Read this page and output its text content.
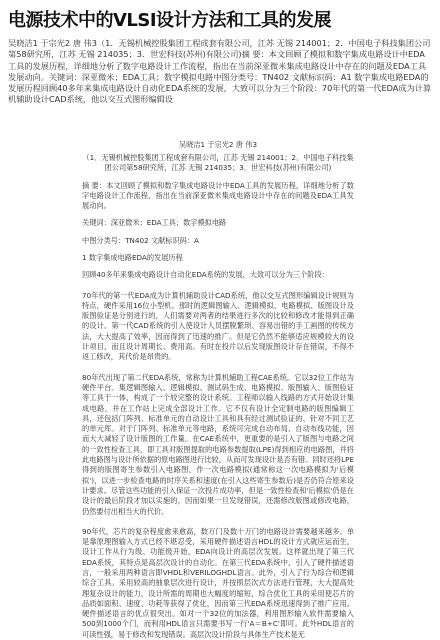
电源技术中的VLSI设计方法和工具的发展
吴晓洁1 于宗光2 唐 伟3（1．无锡机械控股集团工程成套有限公司，江苏 无锡 214001；2．中国电子科技集团公司第58研究所，江苏 无锡 214035；3．世宏科技(苏州)有限公司)摘 要：本文回顾了模拟和数字集成电路设计中EDA工具的发展历程，详细地分析了数字电路设计工作流程，指出在当前深亚微米集成电路设计中存在的问题及EDA工具发展动向。关键词：深亚微米；EDA工具；数字模拟电路中图分类号：TN402 文献标识码：A1 数字集成电路EDA的发展历程回顾40多年来集成电路设计自动化EDA系统的发展，大致可以分为三个阶段：70年代的第一代EDA成为计算机辅助设计CAD系统，他以交互式图形编辑设
吴晓洁1 于宗光2 唐 伟3
（1．无锡机械控股集团工程成套有限公司，江苏 无锡 214001；2．中国电子科技集团公司第58研究所，江苏 无锡 214035；3．世宏科技(苏州)有限公司)

摘 要：本文回顾了模拟和数字集成电路设计中EDA工具的发展历程，详细地分析了数字电路设计工作流程，指出在当前深亚微米集成电路设计中存在的问题及EDA工具发展动向。

关键词：深亚微米；EDA工具；数字模拟电路

中图分类号：TN402 文献标识码：A

1 数字集成电路EDA的发展历程

回顾40多年来集成电路设计自动化EDA系统的发展，大致可以分为三个阶段：

70年代的第一代EDA成为计算机辅助设计CAD系统，他以交互式图形编辑设计规则为特点，硬件采用16位小型机。那时的逻辑图输入、逻辑模拟、电路模拟、版图设计及版图验证是分别进行的，人们需要对两者的结果进行多次的比较和修改才能得到正确的设计。第一代CAD系统的引入使设计人员摆脱繁琐、容易出错的手工画图的传统方法，大大提高了效率，因而得到了迅速的推广。但是它仍然不能够适应规模较大的设计项目，而且设计周期长、费用高。有时在投片以后发现版图设计存在错误，不得不返工修改，其代价是昂贵的。

80年代出现了第二代EDA系统，常称为计算机辅助工程CAE系统。它以32位工作站为硬件平台。集逻辑图输入、逻辑模拟、测试码生成、电路模拟、版图输入、版图验证等工具于一体，构成了一个较完整的设计系统。工程师以输入线路的方式开始设计集成电路，并在工作站上完成全部设计工作。它不仅有设计全定制电路的版图编辑工具，还包括门阵列、标准单元的自动设计工具和具有经过测试验证的、针对不同工艺的单元库。对于门阵列、标准单元等电路，系统可完成自动布局、自动布线功能，因而大大减轻了设计版图的工作量。在CAE系统中，更重要的是引入了版图与电路之间的一致性检查工具，即工具对版图提取的电路参数提取(LPE)得到相应的电路图，并将此电路图与设计所依据的原电路图进行比较，从而可发现设计是否有错。同时还将LPE得到的版图寄生参数引入电路图，作一次电路模拟(通常称这一次电路模拟为'后模拟')，以进一步检查电路的时序关系和速度(在引入这些寄生参数后)是否仍符合原来设计要求。尽管这些功能的引入保证一次投片成功率，但是一致性检查和'后模拟'仍是在设计的最后阶段才加以实施的，因而如果一旦发现错误，还需修改版图或修改电路，仍然要付出相当大的代价。

90年代，芯片的复杂程度愈来愈高，数万门及数十万门的电路设计需要越来越多。单是靠原理图输入方式已经不堪忍受，采用硬件描述语言HDL的设计方式就应运而生，设计工作从行为级、功能级开始，EDA向设计的高层次发展。这样就出现了第三代EDA系统，其特点是高层次设计的自动化。在第三代EDA系统中，引入了硬件描述语言，一般采用两种语言即VHDL和VERILOGHDL语言。此外，引入了行为综合和逻辑综合工具。采用较高的抽象层次进行设计，并按照层次式方法进行管理，大大提高处理复杂设计的能力，设计所需的周期也大幅度的缩短，综合优化工具的采用使芯片的品质如面积、速度、功耗等获得了优化，因而第三代EDA系统迅速得到了推广应用。硬件描述语言的优点很突出。如对一个32位的加法器，利用图形输入软件需要输入500到1000个门，而利用HDL语言只需要书写一行'A＝B+C'即可。此外HDL语言的可读性强，易于修改和发现错误。高层次设计阶段与具体生产技术是无
